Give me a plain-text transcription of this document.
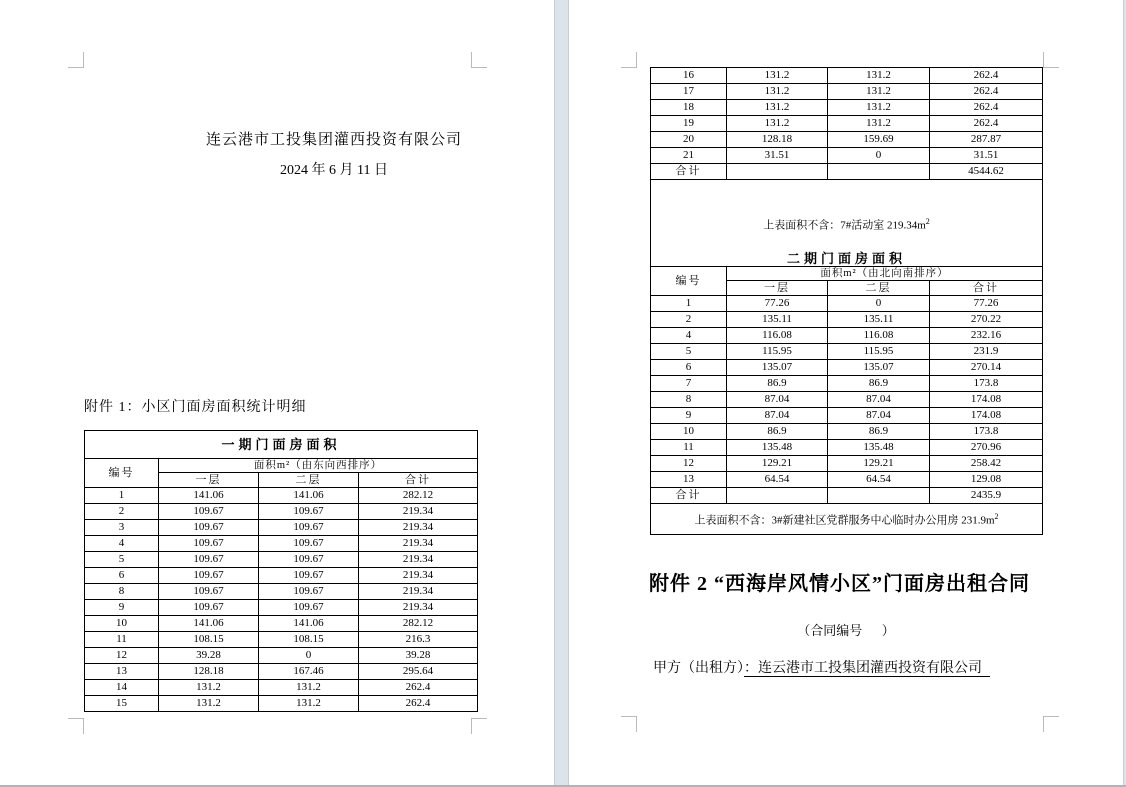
连云港市工投集团灌西投资有限公司
2024 年 6 月 11 日
附件 1：小区门面房面积统计明细
一期门面房面积			
编号	面积m²（由东向西排序）		
	一层	二层	合计
1	141.06	141.06	282.12
2	109.67	109.67	219.34
3	109.67	109.67	219.34
4	109.67	109.67	219.34
5	109.67	109.67	219.34
6	109.67	109.67	219.34
8	109.67	109.67	219.34
9	109.67	109.67	219.34
10	141.06	141.06	282.12
11	108.15	108.15	216.3
12	39.28	0	39.28
13	128.18	167.46	295.64
14	131.2	131.2	262.4
15	131.2	131.2	262.4
16	131.2	131.2	262.4
17	131.2	131.2	262.4
18	131.2	131.2	262.4
19	131.2	131.2	262.4
20	128.18	159.69	287.87
21	31.51	0	31.51
合计			4544.62

上表面积不含：7#活动室 $219.34m^2$
二期门面房面积			

编号	面积m²（由北向南排序）		
	一层	二层	合计
1	77.26	0	77.26
2	135.11	135.11	270.22
4	116.08	116.08	232.16
5	115.95	115.95	231.9
6	135.07	135.07	270.14
7	86.9	86.9	173.8
8	87.04	87.04	174.08
9	87.04	87.04	174.08
10	86.9	86.9	173.8
11	135.48	135.48	270.96
12	129.21	129.21	258.42
13	64.54	64.54	129.08
合计			2435.9
上表面积不含：3#新建社区党群服务中心临时办公用房 $231.9m^2$
附件 2 “西海岸风情小区”门面房出租合同
（合同编号      ）
甲方（出租方）：连云港市工投集团灌西投资有限公司
